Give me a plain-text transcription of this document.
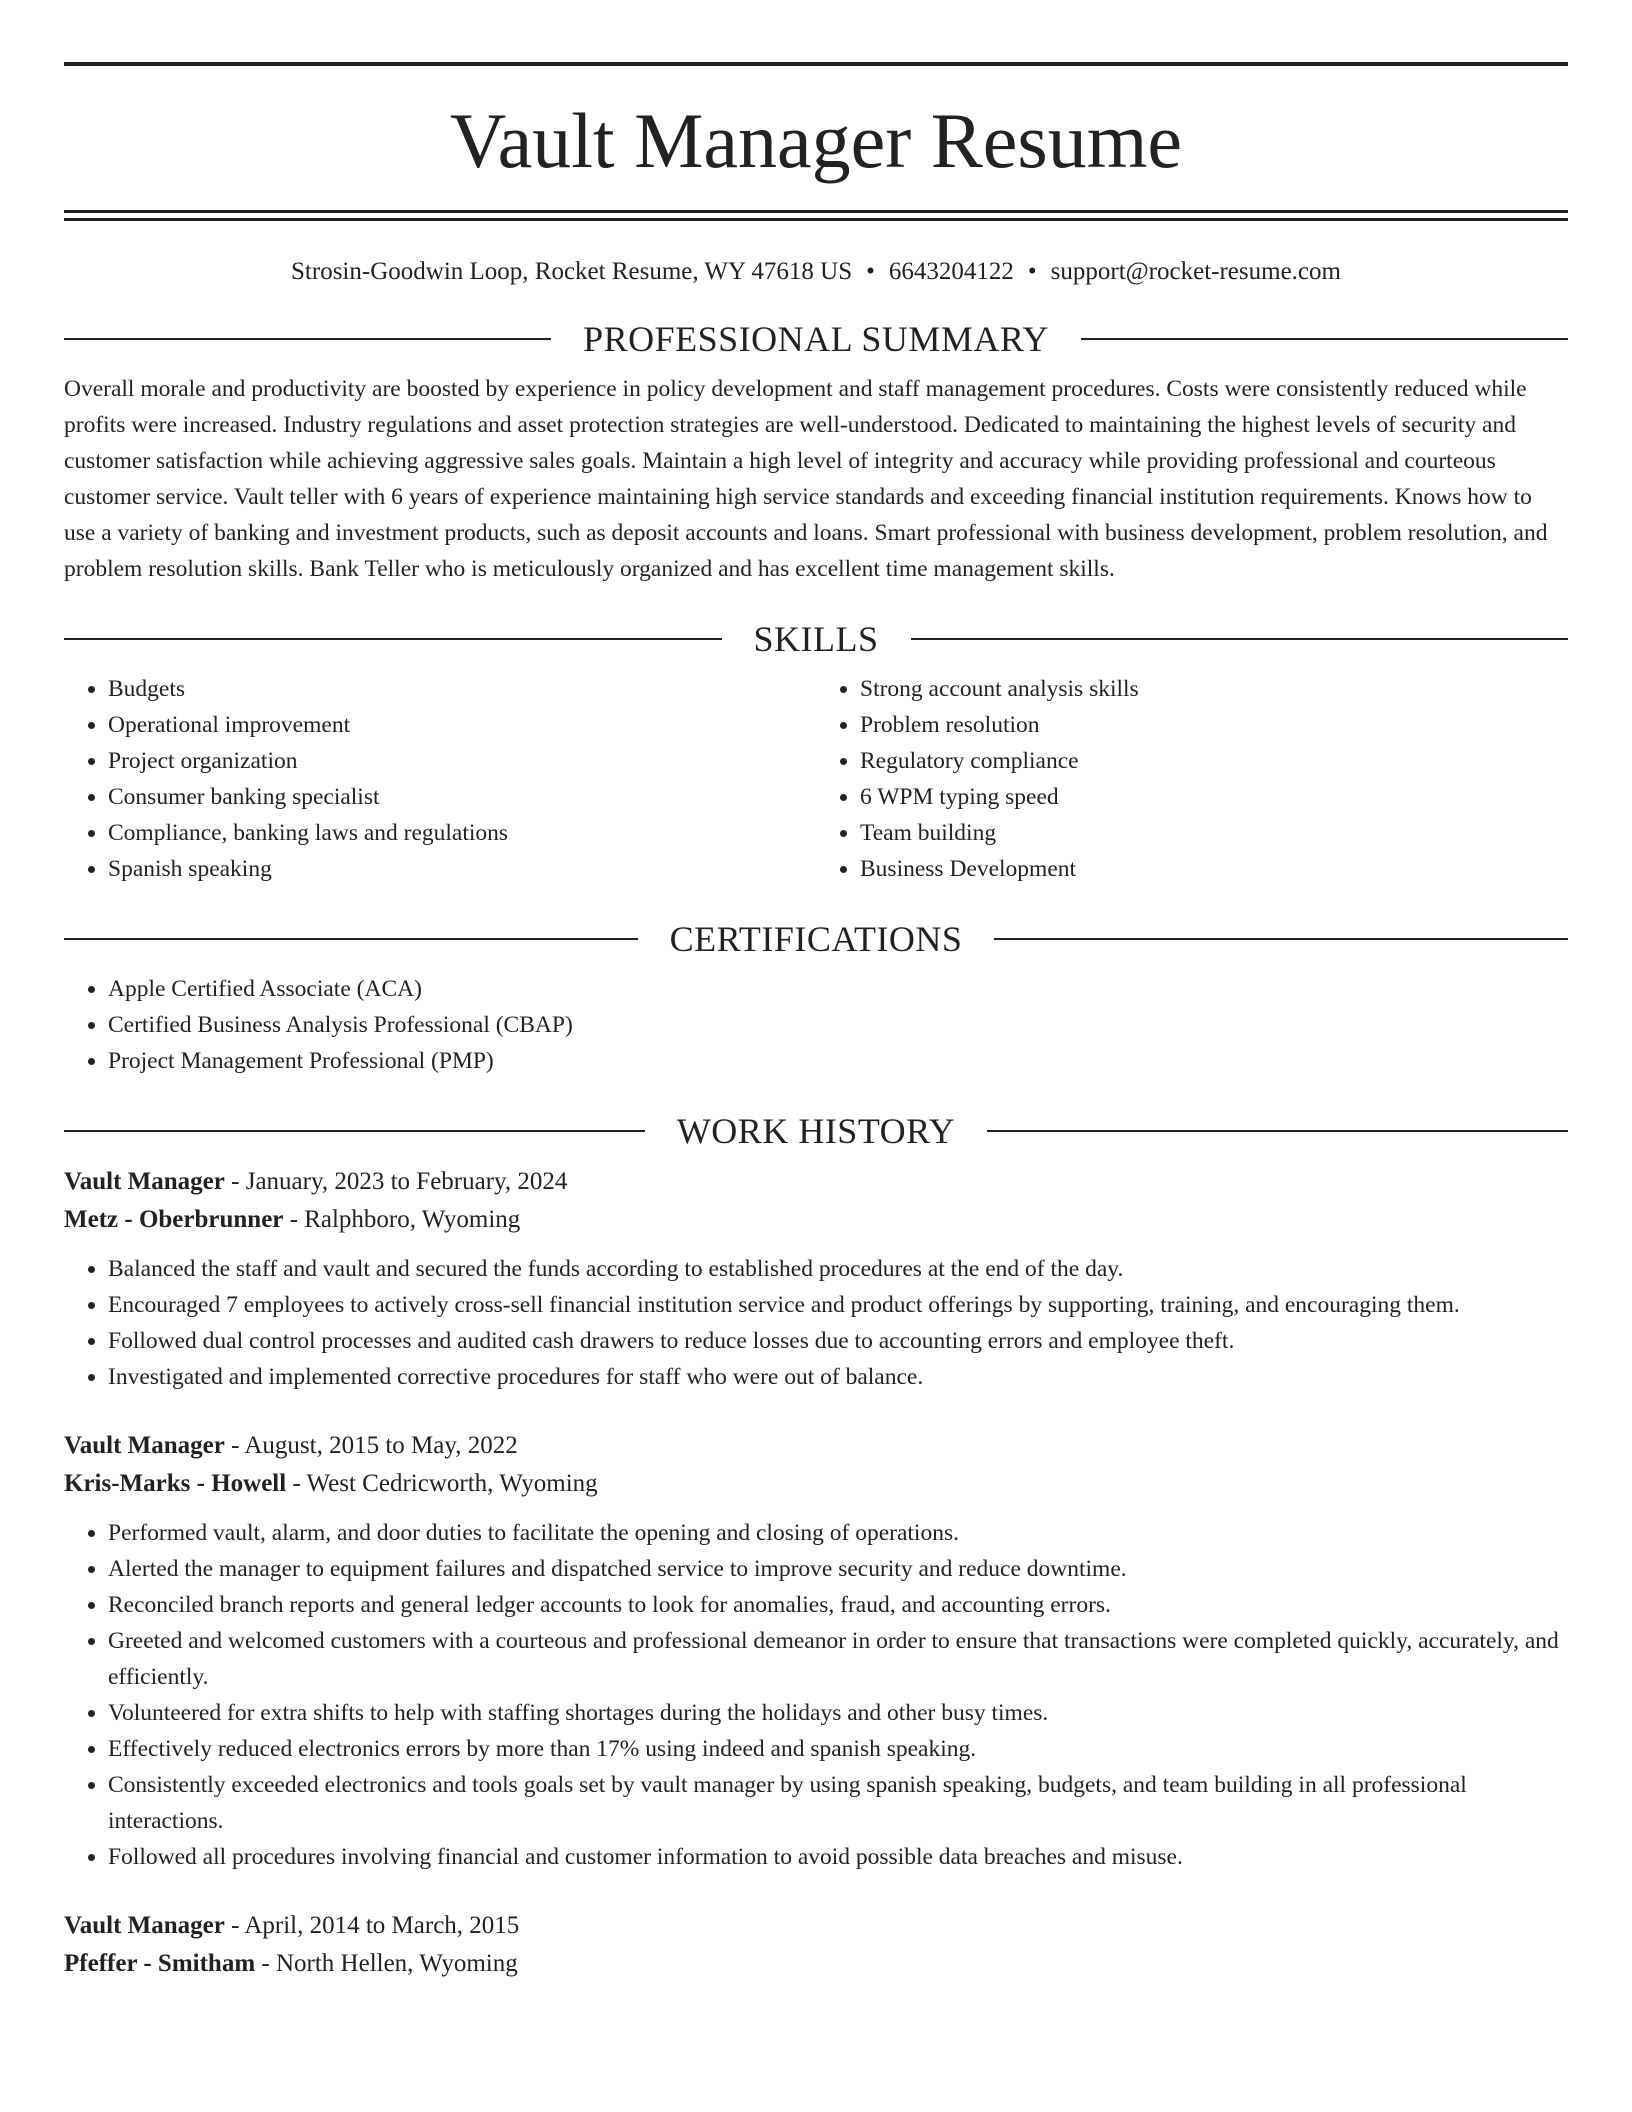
Vault Manager Resume
Strosin-Goodwin Loop, Rocket Resume, WY 47618 US • 6643204122 • support@rocket-resume.com
PROFESSIONAL SUMMARY

Overall morale and productivity are boosted by experience in policy development and staff management procedures. Costs were consistently reduced while profits were increased. Industry regulations and asset protection strategies are well-understood. Dedicated to maintaining the highest levels of security and customer satisfaction while achieving aggressive sales goals. Maintain a high level of integrity and accuracy while providing professional and courteous customer service. Vault teller with 6 years of experience maintaining high service standards and exceeding financial institution requirements. Knows how to use a variety of banking and investment products, such as deposit accounts and loans. Smart professional with business development, problem resolution, and problem resolution skills. Bank Teller who is meticulously organized and has excellent time management skills.

SKILLS
• Budgets
• Operational improvement
• Project organization
• Consumer banking specialist
• Compliance, banking laws and regulations
• Spanish speaking
• Strong account analysis skills
• Problem resolution
• Regulatory compliance
• 6 WPM typing speed
• Team building
• Business Development
CERTIFICATIONS
• Apple Certified Associate (ACA)
• Certified Business Analysis Professional (CBAP)
• Project Management Professional (PMP)
WORK HISTORY
Vault Manager - January, 2023 to February, 2024
Metz - Oberbrunner - Ralphboro, Wyoming
• Balanced the staff and vault and secured the funds according to established procedures at the end of the day.
• Encouraged 7 employees to actively cross-sell financial institution service and product offerings by supporting, training, and encouraging them.
• Followed dual control processes and audited cash drawers to reduce losses due to accounting errors and employee theft.
• Investigated and implemented corrective procedures for staff who were out of balance.
Vault Manager - August, 2015 to May, 2022
Kris-Marks - Howell - West Cedricworth, Wyoming
• Performed vault, alarm, and door duties to facilitate the opening and closing of operations.
• Alerted the manager to equipment failures and dispatched service to improve security and reduce downtime.
• Reconciled branch reports and general ledger accounts to look for anomalies, fraud, and accounting errors.
• Greeted and welcomed customers with a courteous and professional demeanor in order to ensure that transactions were completed quickly, accurately, and efficiently.
• Volunteered for extra shifts to help with staffing shortages during the holidays and other busy times.
• Effectively reduced electronics errors by more than 17% using indeed and spanish speaking.
• Consistently exceeded electronics and tools goals set by vault manager by using spanish speaking, budgets, and team building in all professional interactions.
• Followed all procedures involving financial and customer information to avoid possible data breaches and misuse.
Vault Manager - April, 2014 to March, 2015
Pfeffer - Smitham - North Hellen, Wyoming
